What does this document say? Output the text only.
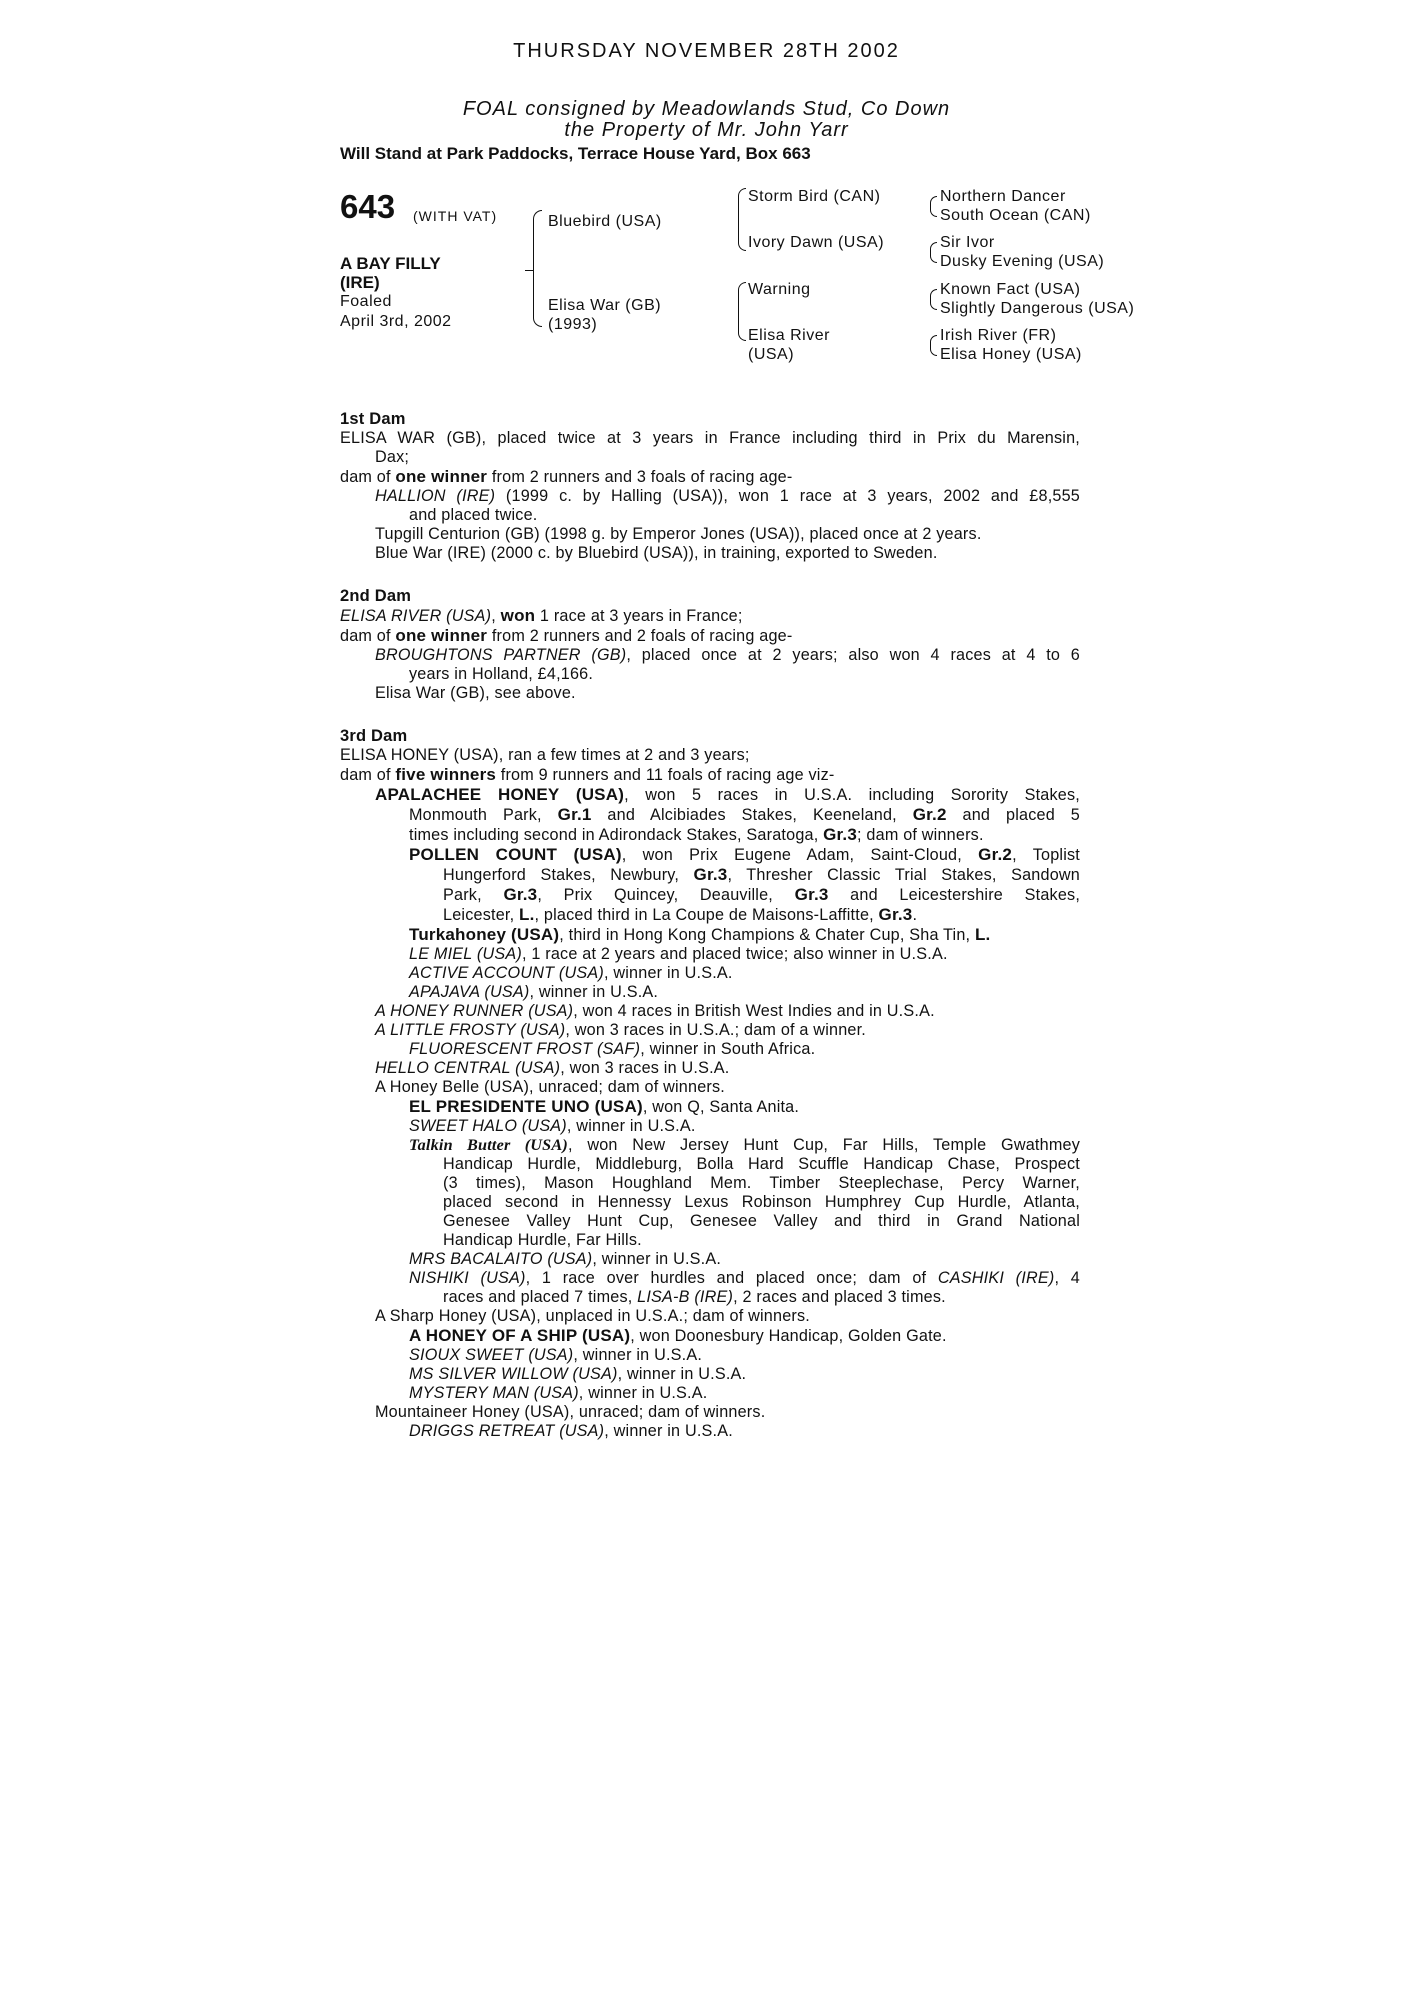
THURSDAY NOVEMBER 28TH 2002
FOAL consigned by Meadowlands Stud, Co Down
the Property of Mr. John Yarr
Will Stand at Park Paddocks, Terrace House Yard, Box 663
643 (WITH VAT)
A BAY FILLY
(IRE)
Foaled
April 3rd, 2002
Bluebird (USA)
Elisa War (GB)
(1993)
Storm Bird (CAN)
Ivory Dawn (USA)
Warning
Elisa River
(USA)
Northern Dancer
South Ocean (CAN)
Sir Ivor
Dusky Evening (USA)
Known Fact (USA)
Slightly Dangerous (USA)
Irish River (FR)
Elisa Honey (USA)
1st Dam
ELISA WAR (GB), placed twice at 3 years in France including third in Prix du Marensin,
Dax;
dam of one winner from 2 runners and 3 foals of racing age-
HALLION (IRE) (1999 c. by Halling (USA)), won 1 race at 3 years, 2002 and £8,555
and placed twice.
Tupgill Centurion (GB) (1998 g. by Emperor Jones (USA)), placed once at 2 years.
Blue War (IRE) (2000 c. by Bluebird (USA)), in training, exported to Sweden.
2nd Dam
ELISA RIVER (USA), won 1 race at 3 years in France;
dam of one winner from 2 runners and 2 foals of racing age-
BROUGHTONS PARTNER (GB), placed once at 2 years; also won 4 races at 4 to 6
years in Holland, £4,166.
Elisa War (GB), see above.
3rd Dam
ELISA HONEY (USA), ran a few times at 2 and 3 years;
dam of five winners from 9 runners and 11 foals of racing age viz-
APALACHEE HONEY (USA), won 5 races in U.S.A. including Sorority Stakes,
Monmouth Park, Gr.1 and Alcibiades Stakes, Keeneland, Gr.2 and placed 5
times including second in Adirondack Stakes, Saratoga, Gr.3; dam of winners.
POLLEN COUNT (USA), won Prix Eugene Adam, Saint-Cloud, Gr.2, Toplist
Hungerford Stakes, Newbury, Gr.3, Thresher Classic Trial Stakes, Sandown
Park, Gr.3, Prix Quincey, Deauville, Gr.3 and Leicestershire Stakes,
Leicester, L., placed third in La Coupe de Maisons-Laffitte, Gr.3.
Turkahoney (USA), third in Hong Kong Champions & Chater Cup, Sha Tin, L.
LE MIEL (USA), 1 race at 2 years and placed twice; also winner in U.S.A.
ACTIVE ACCOUNT (USA), winner in U.S.A.
APAJAVA (USA), winner in U.S.A.
A HONEY RUNNER (USA), won 4 races in British West Indies and in U.S.A.
A LITTLE FROSTY (USA), won 3 races in U.S.A.; dam of a winner.
FLUORESCENT FROST (SAF), winner in South Africa.
HELLO CENTRAL (USA), won 3 races in U.S.A.
A Honey Belle (USA), unraced; dam of winners.
EL PRESIDENTE UNO (USA), won Q, Santa Anita.
SWEET HALO (USA), winner in U.S.A.
Talkin Butter (USA), won New Jersey Hunt Cup, Far Hills, Temple Gwathmey
Handicap Hurdle, Middleburg, Bolla Hard Scuffle Handicap Chase, Prospect
(3 times), Mason Houghland Mem. Timber Steeplechase, Percy Warner,
placed second in Hennessy Lexus Robinson Humphrey Cup Hurdle, Atlanta,
Genesee Valley Hunt Cup, Genesee Valley and third in Grand National
Handicap Hurdle, Far Hills.
MRS BACALAITO (USA), winner in U.S.A.
NISHIKI (USA), 1 race over hurdles and placed once; dam of CASHIKI (IRE), 4
races and placed 7 times, LISA-B (IRE), 2 races and placed 3 times.
A Sharp Honey (USA), unplaced in U.S.A.; dam of winners.
A HONEY OF A SHIP (USA), won Doonesbury Handicap, Golden Gate.
SIOUX SWEET (USA), winner in U.S.A.
MS SILVER WILLOW (USA), winner in U.S.A.
MYSTERY MAN (USA), winner in U.S.A.
Mountaineer Honey (USA), unraced; dam of winners.
DRIGGS RETREAT (USA), winner in U.S.A.
